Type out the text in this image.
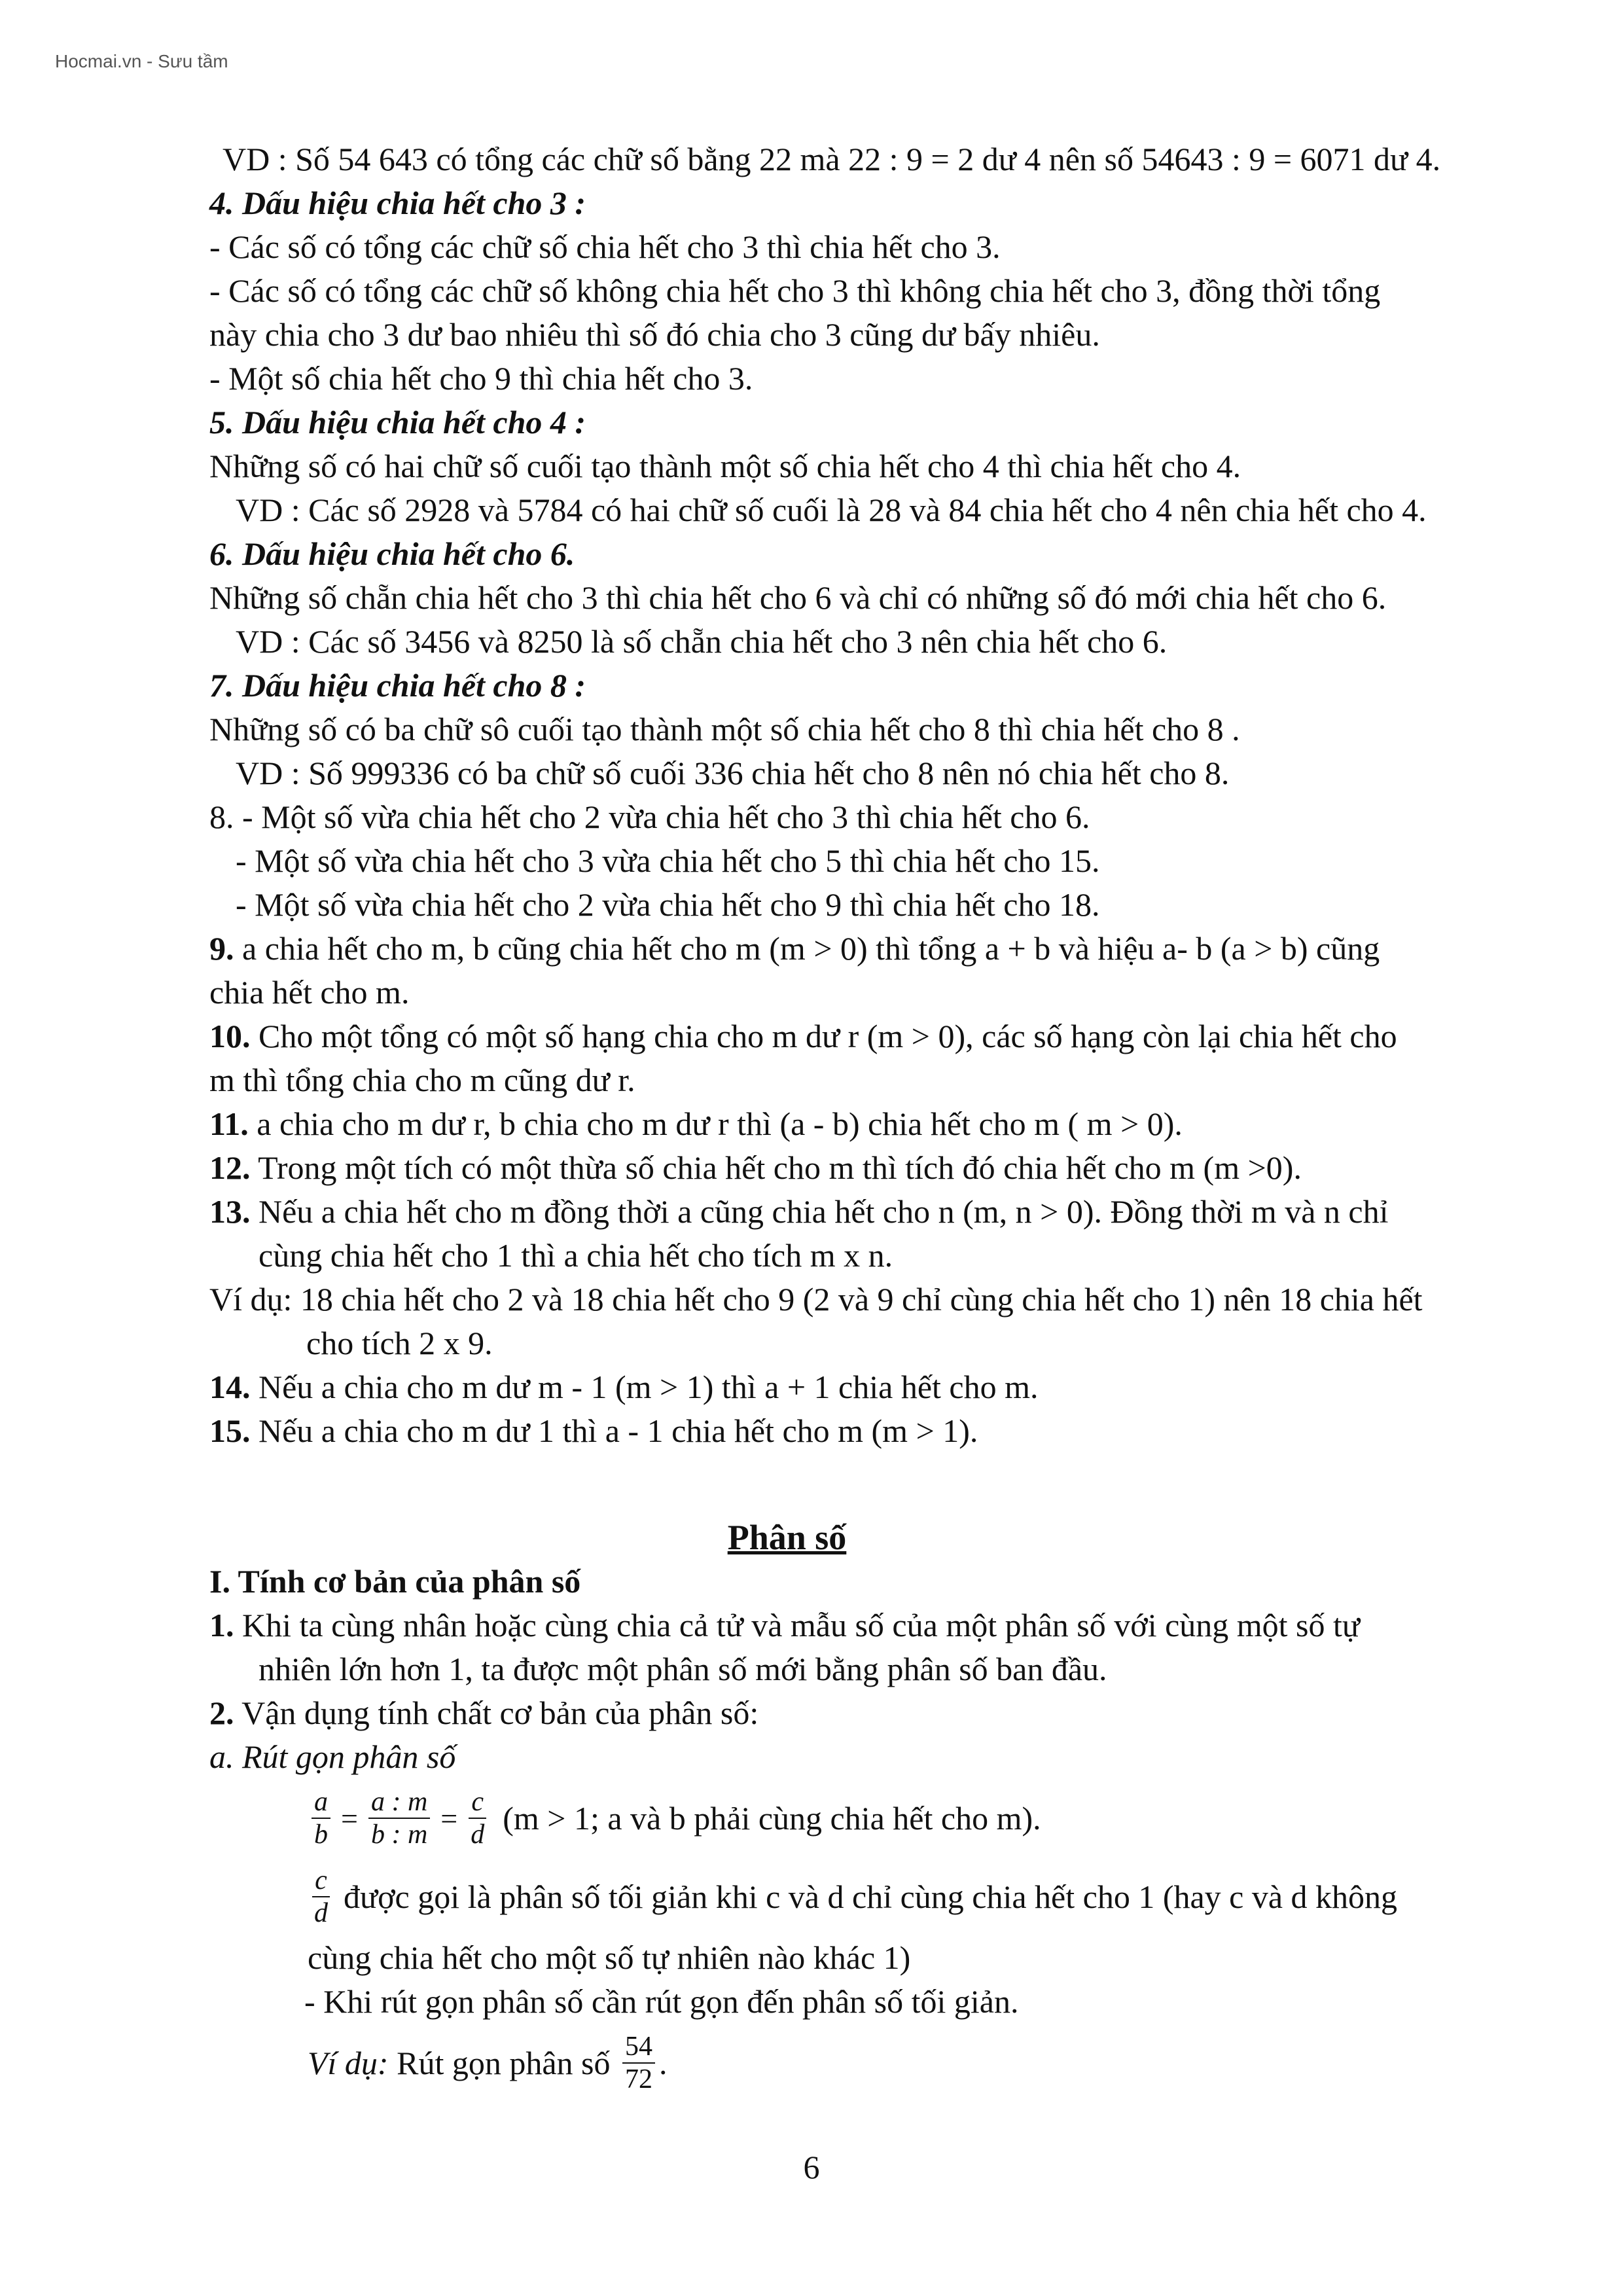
Hocmai.vn - Sưu tầm
VD : Số 54 643 có tổng các chữ số bằng 22 mà 22 : 9 = 2 dư 4 nên số 54643 : 9 = 6071 dư 4.
4. Dấu hiệu chia hết cho 3 :
- Các số có tổng các chữ số chia hết cho 3 thì chia hết cho 3.
- Các số có tổng các chữ số không chia hết cho 3 thì không chia hết cho 3, đồng thời tổng
này chia cho 3 dư bao nhiêu thì số đó chia cho 3 cũng dư bấy nhiêu.
- Một số chia hết cho 9 thì chia hết cho 3.
5. Dấu hiệu chia hết cho 4 :
Những số có hai chữ số cuối tạo thành một số chia hết cho 4 thì chia hết cho 4.
VD : Các số 2928 và 5784 có hai chữ số cuối là 28 và 84 chia hết cho 4 nên chia hết cho 4.
6. Dấu hiệu chia hết cho 6.
Những số chẵn chia hết cho 3 thì chia hết cho 6 và chỉ có những số đó mới chia hết cho 6.
VD : Các số 3456 và 8250 là số chẵn chia hết cho 3 nên chia hết cho 6.
7. Dấu hiệu chia hết cho 8 :
Những số có ba chữ sô cuối tạo thành một số chia hết cho 8 thì chia hết cho 8 .
VD : Số 999336 có ba chữ số cuối 336 chia hết cho 8 nên nó chia hết cho 8.
8. - Một số vừa chia hết cho 2 vừa chia hết cho 3 thì chia hết cho 6.
- Một số vừa chia hết cho 3 vừa chia hết cho 5 thì chia hết cho 15.
- Một số vừa chia hết cho 2 vừa chia hết cho 9 thì chia hết cho 18.
9. a chia hết cho m, b cũng chia hết cho m (m > 0) thì tổng a + b và hiệu a- b (a > b) cũng
chia hết cho m.
10. Cho một tổng có một số hạng chia cho m dư r (m > 0), các số hạng còn lại chia hết cho
m thì tổng chia cho m cũng dư r.
11. a chia cho m dư r, b chia cho m dư r thì (a - b) chia hết cho m ( m > 0).
12. Trong một tích có một thừa số chia hết cho m thì tích đó chia hết cho m (m >0).
13. Nếu a chia hết cho m đồng thời a cũng chia hết cho n (m, n > 0). Đồng thời m và n chỉ
cùng chia hết cho 1 thì a chia hết cho tích m x n.
Ví dụ: 18 chia hết cho 2 và 18 chia hết cho 9 (2 và 9 chỉ cùng chia hết cho 1) nên 18 chia hết
cho tích 2 x 9.
14. Nếu a chia cho m dư m - 1 (m > 1) thì a + 1 chia hết cho m.
15. Nếu a chia cho m dư 1 thì a - 1 chia hết cho m (m > 1).
Phân số
I. Tính cơ bản của phân số
1. Khi ta cùng nhân hoặc cùng chia cả tử và mẫu số của một phân số với cùng một số tự
nhiên lớn hơn 1, ta được một phân số mới bằng phân số ban đầu.
2. Vận dụng tính chất cơ bản của phân số:
a. Rút gọn phân số
$\frac{a}{b} = \frac{a : m}{b : m} = \frac{c}{d} (m > 1$; a và b phải cùng chia hết cho m).
$\frac{c}{d}$ được gọi là phân số tối giản khi c và d chỉ cùng chia hết cho 1 (hay c và d không
cùng chia hết cho một số tự nhiên nào khác 1)
- Khi rút gọn phân số cần rút gọn đến phân số tối giản.
Ví dụ: Rút gọn phân số $\frac{54}{72}$ .
6
